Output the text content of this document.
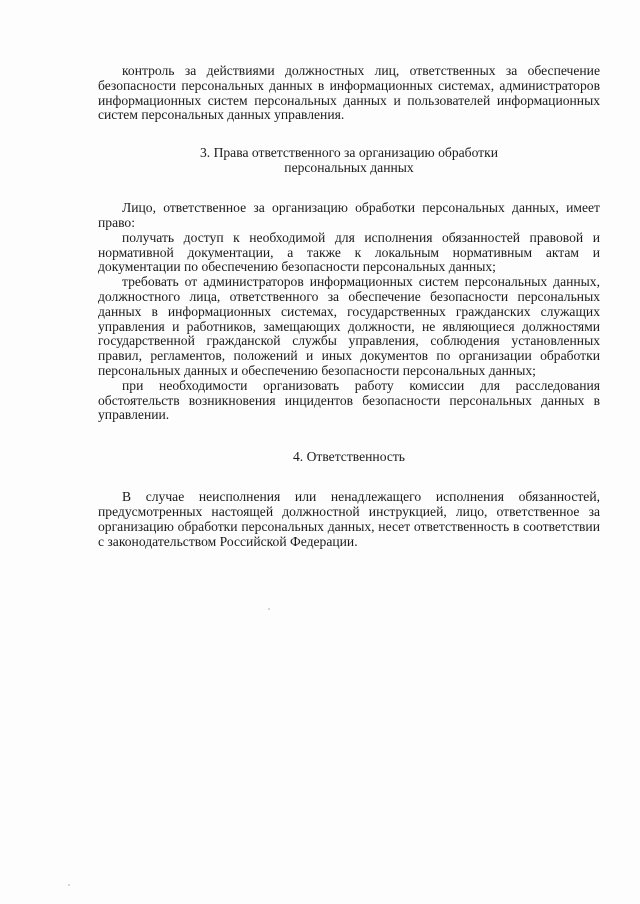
контроль за действиями должностных лиц, ответственных за обеспечение безопасности персональных данных в информационных системах, администраторов информационных систем персональных данных и пользователей информационных систем персональных данных управления.

3. Права ответственного за организацию обработки
персональных данных

Лицо, ответственное за организацию обработки персональных данных, имеет право:

получать доступ к необходимой для исполнения обязанностей правовой и нормативной документации, а также к локальным нормативным актам и документации по обеспечению безопасности персональных данных;

требовать от администраторов информационных систем персональных данных, должностного лица, ответственного за обеспечение безопасности персональных данных в информационных системах, государственных гражданских служащих управления и работников, замещающих должности, не являющиеся должностями государственной гражданской службы управления, соблюдения установленных правил, регламентов, положений и иных документов по организации обработки персональных данных и обеспечению безопасности персональных данных;

при необходимости организовать работу комиссии для расследования обстоятельств возникновения инцидентов безопасности персональных данных в управлении.

4. Ответственность

В случае неисполнения или ненадлежащего исполнения обязанностей, предусмотренных настоящей должностной инструкцией, лицо, ответственное за организацию обработки персональных данных, несет ответственность в соответствии с законодательством Российской Федерации.
